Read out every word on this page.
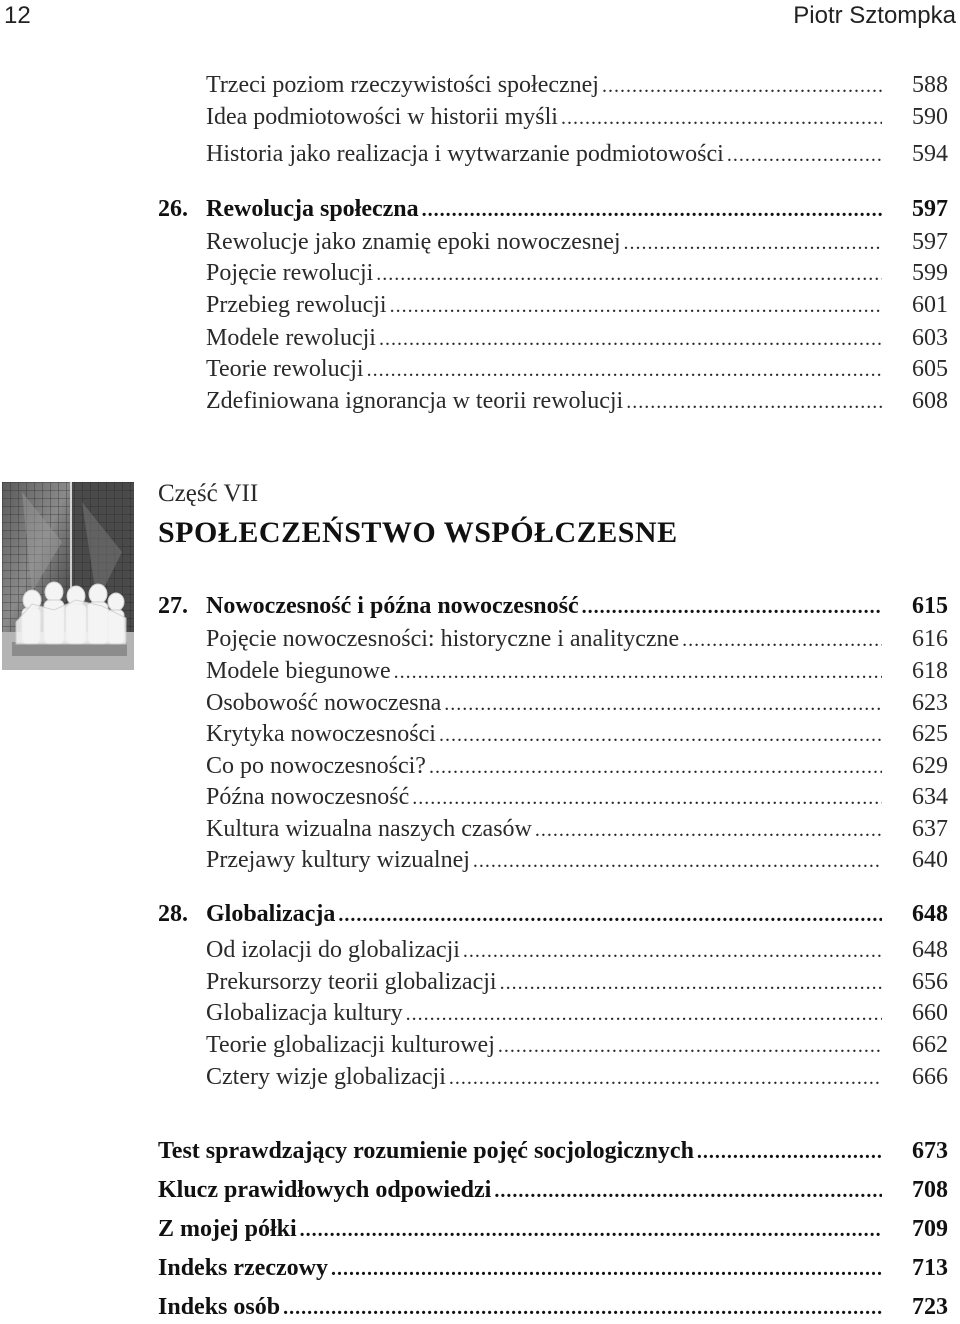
12	Piotr Sztompka
Trzeci poziom rzeczywistości społecznej .....	588
Idea podmiotowości w historii myśli .....	590
Historia jako realizacja i wytwarzanie podmiotowości .....	594
26. Rewolucja społeczna .....	597
Rewolucje jako znamię epoki nowoczesnej .....	597
Pojęcie rewolucji .....	599
Przebieg rewolucji .....	601
Modele rewolucji .....	603
Teorie rewolucji .....	605
Zdefiniowana ignorancja w teorii rewolucji .....	608
Część VII
SPOŁECZEŃSTWO WSPÓŁCZESNE
27. Nowoczesność i późna nowoczesność .....	615
Pojęcie nowoczesności: historyczne i analityczne .....	616
Modele biegunowe .....	618
Osobowość nowoczesna .....	623
Krytyka nowoczesności .....	625
Co po nowoczesności? .....	629
Późna nowoczesność .....	634
Kultura wizualna naszych czasów .....	637
Przejawy kultury wizualnej .....	640
28. Globalizacja .....	648
Od izolacji do globalizacji .....	648
Prekursorzy teorii globalizacji .....	656
Globalizacja kultury .....	660
Teorie globalizacji kulturowej .....	662
Cztery wizje globalizacji .....	666
Test sprawdzający rozumienie pojęć socjologicznych .....	673
Klucz prawidłowych odpowiedzi .....	708
Z mojej półki .....	709
Indeks rzeczowy .....	713
Indeks osób .....	723
